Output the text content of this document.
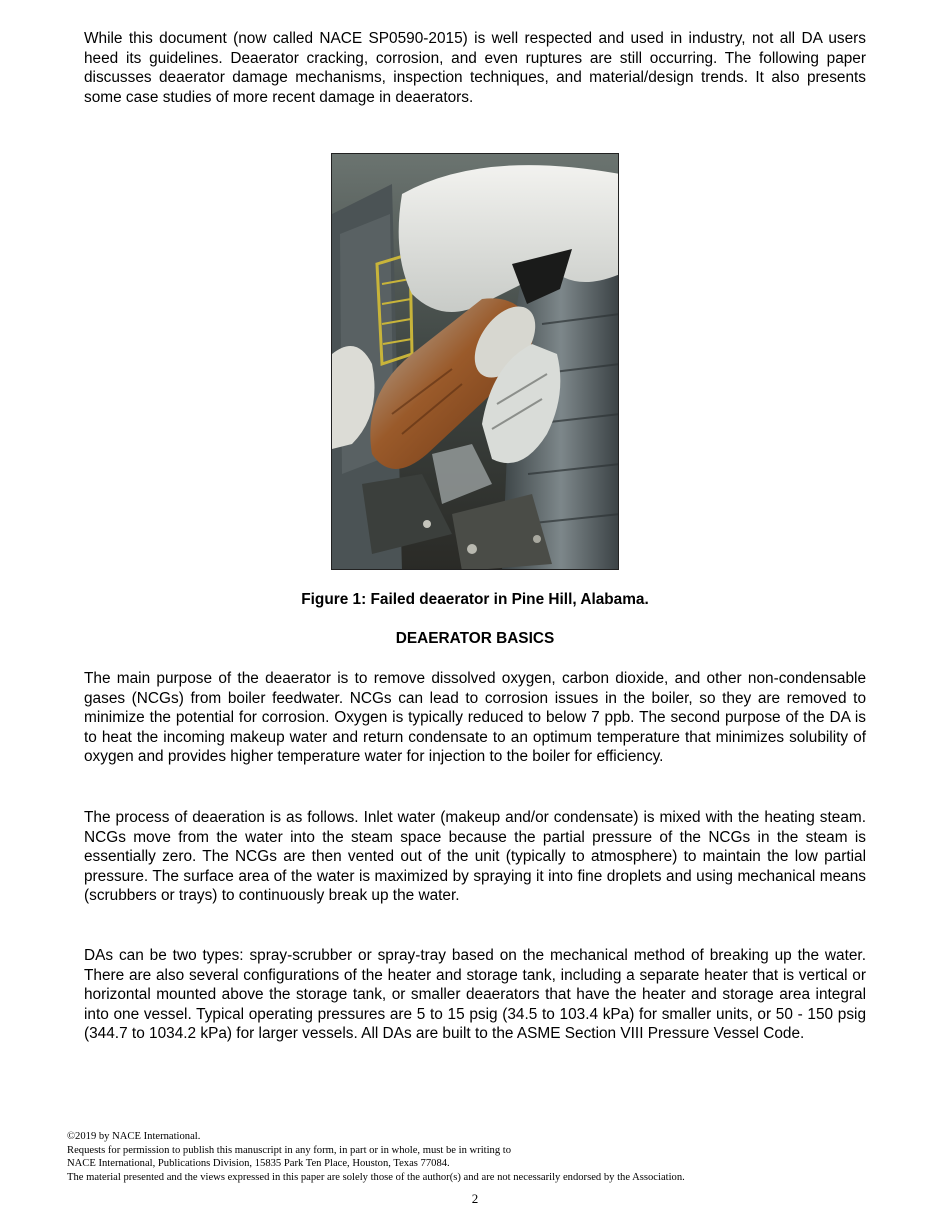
While this document (now called NACE SP0590-2015) is well respected and used in industry, not all DA users heed its guidelines. Deaerator cracking, corrosion, and even ruptures are still occurring. The following paper discusses deaerator damage mechanisms, inspection techniques, and material/design trends. It also presents some case studies of more recent damage in deaerators.

Figure 1: Failed deaerator in Pine Hill, Alabama.
DEAERATOR BASICS

The main purpose of the deaerator is to remove dissolved oxygen, carbon dioxide, and other non-condensable gases (NCGs) from boiler feedwater. NCGs can lead to corrosion issues in the boiler, so they are removed to minimize the potential for corrosion. Oxygen is typically reduced to below 7 ppb. The second purpose of the DA is to heat the incoming makeup water and return condensate to an optimum temperature that minimizes solubility of oxygen and provides higher temperature water for injection to the boiler for efficiency.

The process of deaeration is as follows. Inlet water (makeup and/or condensate) is mixed with the heating steam. NCGs move from the water into the steam space because the partial pressure of the NCGs in the steam is essentially zero. The NCGs are then vented out of the unit (typically to atmosphere) to maintain the low partial pressure. The surface area of the water is maximized by spraying it into fine droplets and using mechanical means (scrubbers or trays) to continuously break up the water.

DAs can be two types: spray-scrubber or spray-tray based on the mechanical method of breaking up the water. There are also several configurations of the heater and storage tank, including a separate heater that is vertical or horizontal mounted above the storage tank, or smaller deaerators that have the heater and storage area integral into one vessel. Typical operating pressures are 5 to 15 psig (34.5 to 103.4 kPa) for smaller units, or 50 - 150 psig (344.7 to 1034.2 kPa) for larger vessels. All DAs are built to the ASME Section VIII Pressure Vessel Code.

©2019 by NACE International.
Requests for permission to publish this manuscript in any form, in part or in whole, must be in writing to
NACE International, Publications Division, 15835 Park Ten Place, Houston, Texas 77084.
The material presented and the views expressed in this paper are solely those of the author(s) and are not necessarily endorsed by the Association.
2
